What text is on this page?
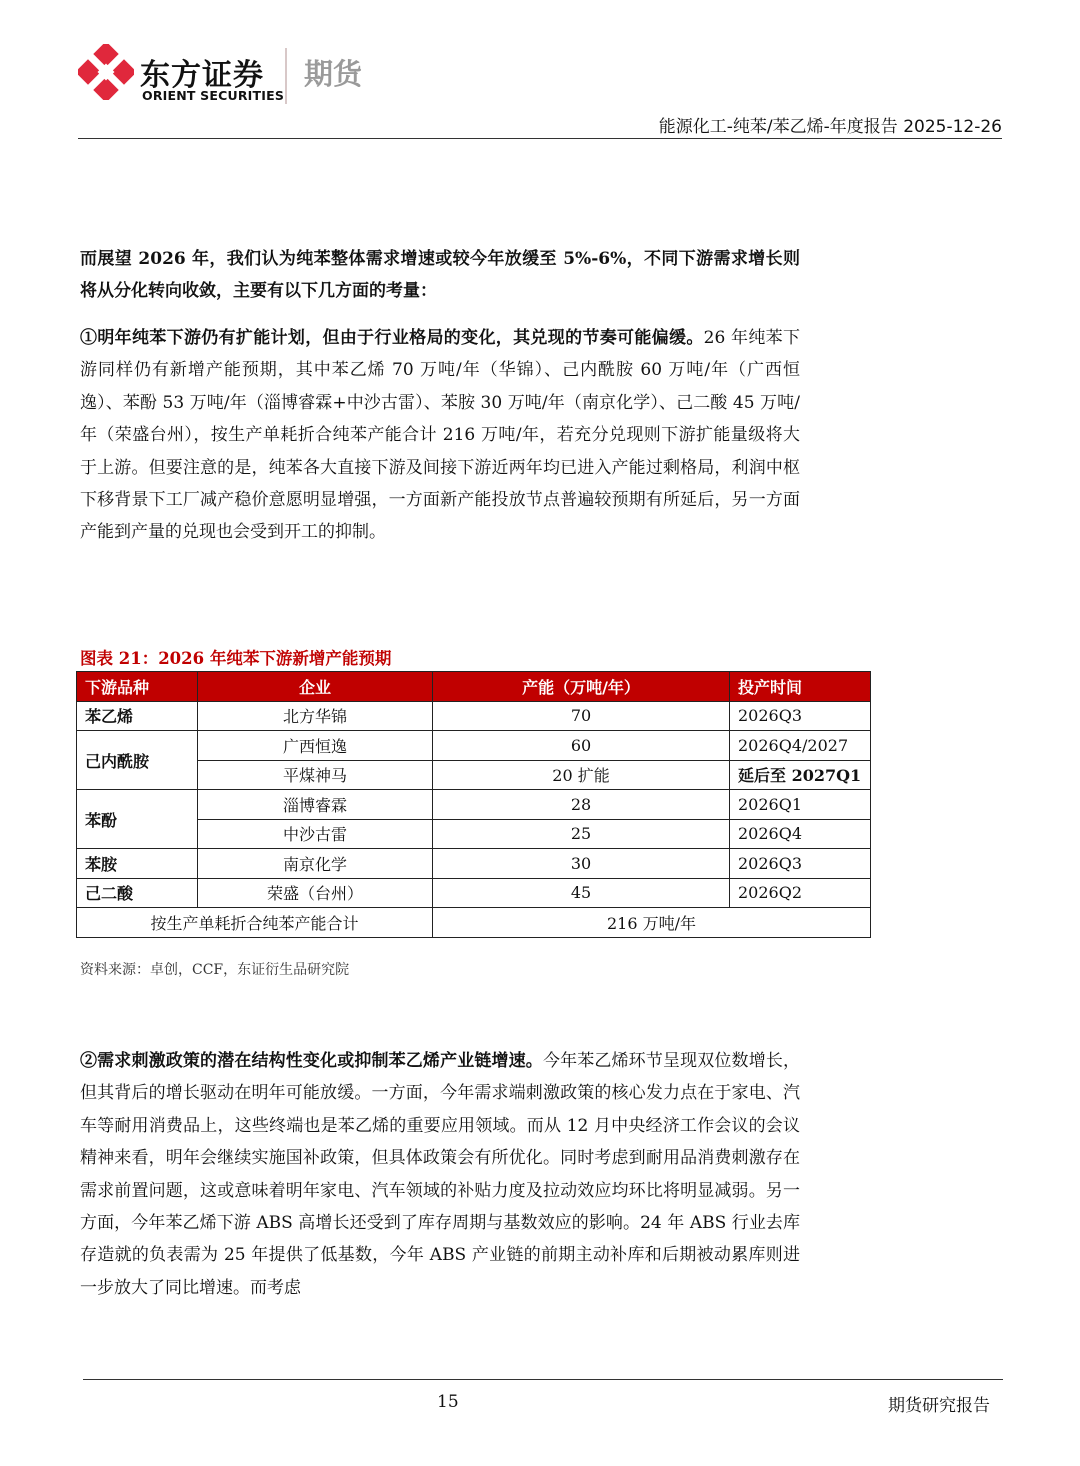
东方证券
ORIENT SECURITIES
期货
能源化工-纯苯/苯乙烯-年度报告 2025-12-26

而展望 2026 年，我们认为纯苯整体需求增速或较今年放缓至 5%-6%，不同下游需求增长则将从分化转向收敛，主要有以下几方面的考量：

①明年纯苯下游仍有扩能计划，但由于行业格局的变化，其兑现的节奏可能偏缓。26 年纯苯下游同样仍有新增产能预期，其中苯乙烯 70 万吨/年（华锦）、己内酰胺 60 万吨/年（广西恒逸）、苯酚 53 万吨/年（淄博睿霖+中沙古雷）、苯胺 30 万吨/年（南京化学）、己二酸 45 万吨/年（荣盛台州），按生产单耗折合纯苯产能合计 216 万吨/年，若充分兑现则下游扩能量级将大于上游。但要注意的是，纯苯各大直接下游及间接下游近两年均已进入产能过剩格局，利润中枢下移背景下工厂减产稳价意愿明显增强，一方面新产能投放节点普遍较预期有所延后，另一方面产能到产量的兑现也会受到开工的抑制。

图表 21：2026 年纯苯下游新增产能预期
下游品种	企业	产能（万吨/年）	投产时间
苯乙烯	北方华锦	70	2026Q3
己内酰胺	广西恒逸	60	2026Q4/2027
	平煤神马	20 扩能	延后至 2027Q1
苯酚	淄博睿霖	28	2026Q1
	中沙古雷	25	2026Q4
苯胺	南京化学	30	2026Q3
己二酸	荣盛（台州）	45	2026Q2
按生产单耗折合纯苯产能合计		216 万吨/年	
资料来源：卓创，CCF，东证衍生品研究院

②需求刺激政策的潜在结构性变化或抑制苯乙烯产业链增速。今年苯乙烯环节呈现双位数增长，但其背后的增长驱动在明年可能放缓。一方面，今年需求端刺激政策的核心发力点在于家电、汽车等耐用消费品上，这些终端也是苯乙烯的重要应用领域。而从 12 月中央经济工作会议的会议精神来看，明年会继续实施国补政策，但具体政策会有所优化。同时考虑到耐用品消费刺激存在需求前置问题，这或意味着明年家电、汽车领域的补贴力度及拉动效应均环比将明显减弱。另一方面，今年苯乙烯下游 ABS 高增长还受到了库存周期与基数效应的影响。24 年 ABS 行业去库存造就的负表需为 25 年提供了低基数，今年 ABS 产业链的前期主动补库和后期被动累库则进一步放大了同比增速。而考虑

15	期货研究报告
